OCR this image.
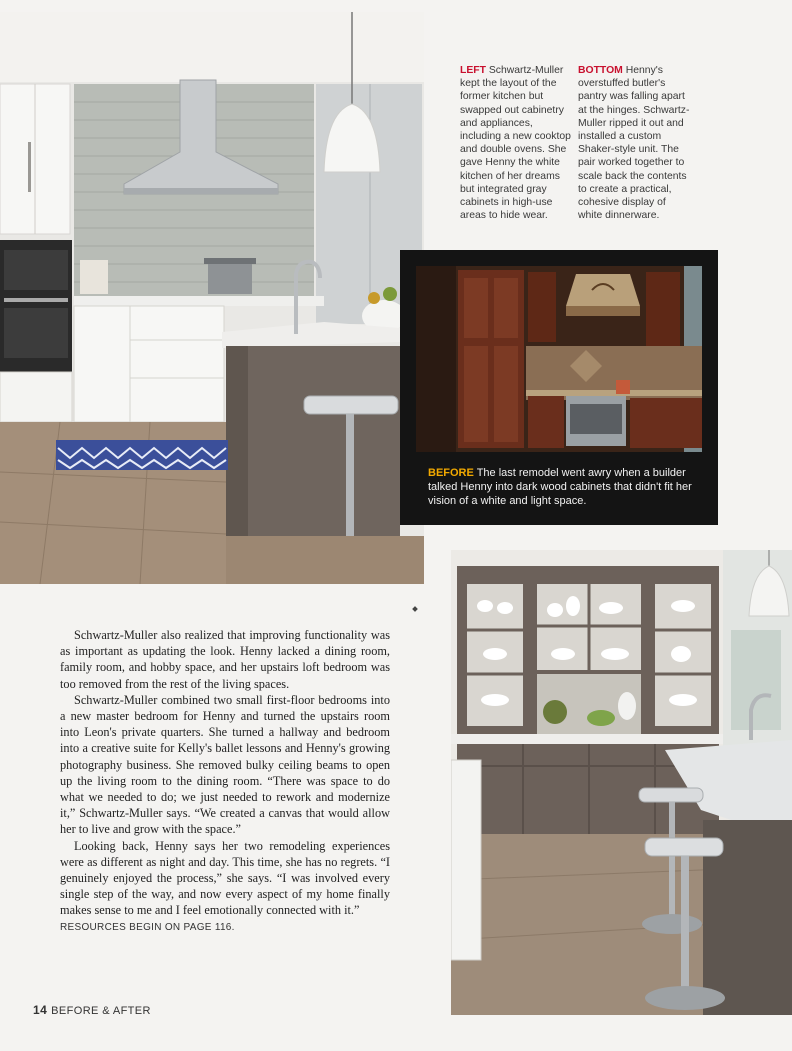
LEFT Schwartz-Muller kept the layout of the former kitchen but swapped out cabinetry and appliances, including a new cooktop and double ovens. She gave Henny the white kitchen of her dreams but integrated gray cabinets in high-use areas to hide wear.
BOTTOM Henny's overstuffed butler's pantry was falling apart at the hinges. Schwartz-Muller ripped it out and installed a custom Shaker-style unit. The pair worked together to scale back the contents to create a practical, cohesive display of white dinnerware.
BEFORE The last remodel went awry when a builder talked Henny into dark wood cabinets that didn't fit her vision of a white and light space.

Schwartz-Muller also realized that improving functionality was as important as updating the look. Henny lacked a dining room, family room, and hobby space, and her upstairs loft bedroom was too removed from the rest of the living spaces.

Schwartz-Muller combined two small first-floor bedrooms into a new master bedroom for Henny and turned the upstairs room into Leon's private quarters. She turned a hallway and bedroom into a creative suite for Kelly's ballet lessons and Henny's growing photography business. She removed bulky ceiling beams to open up the living room to the dining room. “There was space to do what we needed to do; we just needed to rework and modernize it,” Schwartz-Muller says. “We created a canvas that would allow her to live and grow with the space.”

Looking back, Henny says her two remodeling experiences were as different as night and day. This time, she has no regrets. “I genuinely enjoyed the process,” she says. “I was involved every single step of the way, and now every aspect of my home finally makes sense to me and I feel emotionally connected with it.”

RESOURCES BEGIN ON PAGE 116.
14 BEFORE & AFTER
